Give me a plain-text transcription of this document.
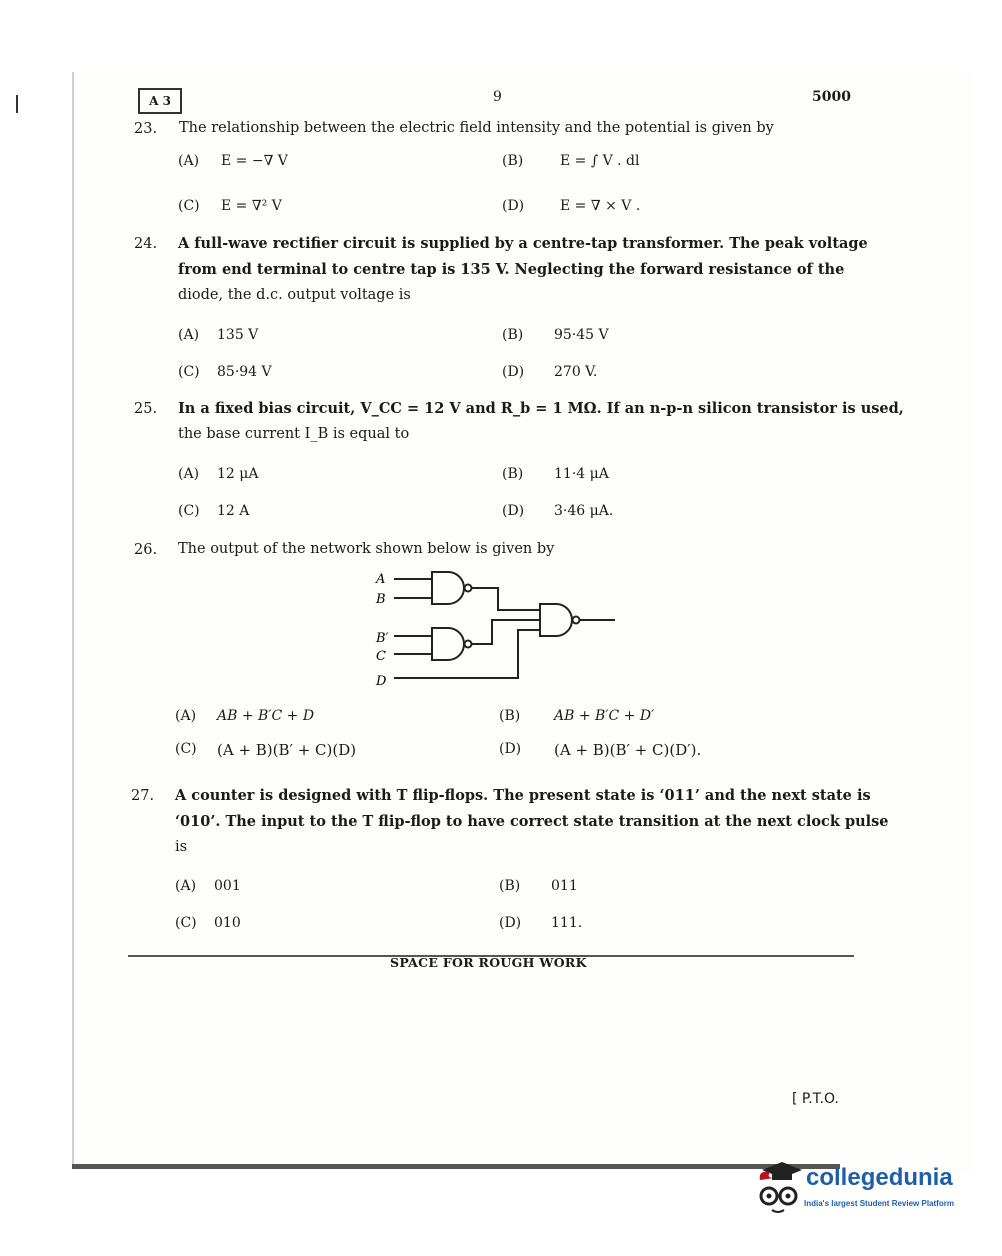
A 3	9	5000
23. The relationship between the electric field intensity and the potential is given by
(A) E = −∇ V	(B)	E = ∫ V . dl
(C) E = ∇² V	(D)	E = ∇ × V .
24. A full-wave rectifier circuit is supplied by a centre-tap transformer. The peak voltage
from end terminal to centre tap is 135 V. Neglecting the forward resistance of the
diode, the d.c. output voltage is
(A) 135 V	(B) 95·45 V
(C) 85·94 V	(D) 270 V.
25. In a fixed bias circuit, V_CC = 12 V and R_b = 1 MΩ. If an n-p-n silicon transistor is used,
the base current I_B is equal to
(A) 12 μA	(B) 11·4 μA
(C) 12 A	(D) 3·46 μA.
26. The output of the network shown below is given by
A
B
B′
C
D
(A) AB + B′C + D	(B) AB + B′C + D′
(C) (A + B)(B′ + C)(D)	(D) (A + B)(B′ + C)(D′).
27. A counter is designed with T flip-flops. The present state is ‘011’ and the next state is
‘010’. The input to the T flip-flop to have correct state transition at the next clock pulse
is
(A) 001	(B) 011
(C) 010	(D) 111.
SPACE FOR ROUGH WORK
[ P.T.O.
collegedunia
India's largest Student Review Platform
